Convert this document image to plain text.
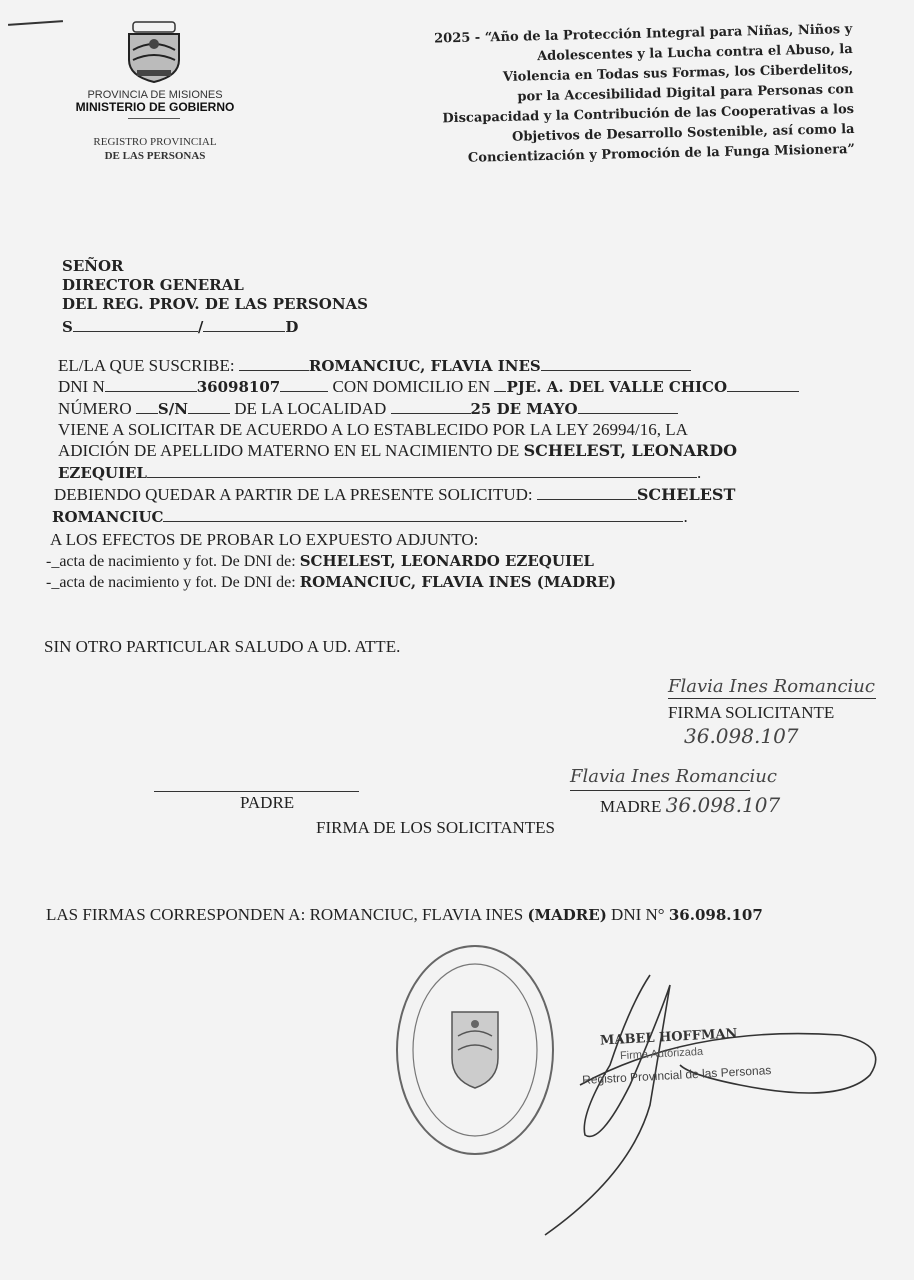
PROVINCIA DE MISIONES
MINISTERIO DE GOBIERNO
REGISTRO PROVINCIAL
DE LAS PERSONAS
2025 - “Año de la Protección Integral para Niñas, Niños y
Adolescentes y la Lucha contra el Abuso, la
Violencia en Todas sus Formas, los Ciberdelitos,
por la Accesibilidad Digital para Personas con
Discapacidad y la Contribución de las Cooperativas a los
Objetivos de Desarrollo Sostenible, así como la
Concientización y Promoción de la Funga Misionera”
SEÑOR
DIRECTOR GENERAL
DEL REG. PROV. DE LAS PERSONAS
S	/	D
EL/LA QUE SUSCRIBE:	ROMANCIUC, FLAVIA INES
DNI N	36098107	CON DOMICILIO EN PJE. A. DEL VALLE CHICO
NÚMERO S/N	DE LA LOCALIDAD	25 DE MAYO
VIENE A SOLICITAR DE ACUERDO A LO ESTABLECIDO POR LA LEY 26994/16, LA
ADICIÓN DE APELLIDO MATERNO EN EL NACIMIENTO DE SCHELEST, LEONARDO
EZEQUIEL	.
DEBIENDO QUEDAR A PARTIR DE LA PRESENTE SOLICITUD:	SCHELEST
ROMANCIUC	.
A LOS EFECTOS DE PROBAR LO EXPUESTO ADJUNTO:
-_acta de nacimiento y fot. De DNI de: SCHELEST, LEONARDO EZEQUIEL
-_acta de nacimiento y fot. De DNI de: ROMANCIUC, FLAVIA INES (MADRE)
SIN OTRO PARTICULAR SALUDO A UD. ATTE.
Flavia Ines Romanciuc
FIRMA SOLICITANTE
36.098.107
PADRE
Flavia Ines Romanciuc
MADRE 36.098.107
FIRMA DE LOS SOLICITANTES
LAS FIRMAS CORRESPONDEN A: ROMANCIUC, FLAVIA INES (MADRE) DNI N° 36.098.107
MABEL HOFFMAN
Firma Autorizada
Registro Provincial de las Personas
